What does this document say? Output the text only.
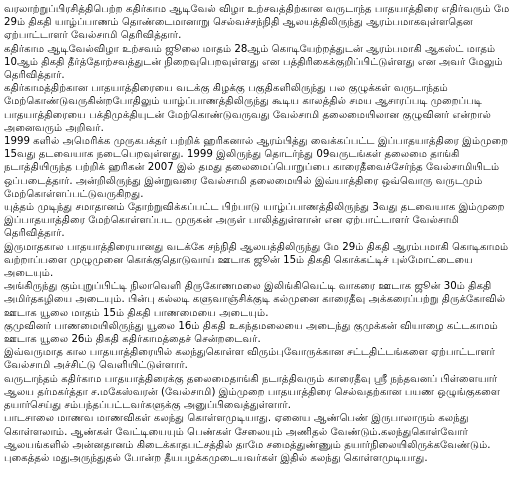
வரலாற்றுப்பிரசித்திபெற்ற கதிர்காம ஆடிவேல் விழா உற்சவத்திற்கான வருடாந்த பாதயாத்திரை எதிர்வரும் மே 29ம் திகதி யாழ்ப்பாணம் தொண்டைமானாறு செல்வச்சந்நிதி ஆலயத்திலிருந்து ஆரம்பமாகவுள்ளதென ஏற்பாட்டாளர் வேல்சாமி தெரிவித்தார்.

கதிர்காம ஆடிவேல்விழா உற்சவம் ஜூலை மாதம் 28ஆம் கொடியேற்றத்துடன் ஆரம்பமாகி ஆகஸ்ட் மாதம் 10ஆம் திகதி தீர்த்தோற்சவத்துடன் நிறைவுபெறவுள்ளது என பத்திரிகைக்குறிப்பிட்டுள்ளது என அவர் மேலும் தெரிவித்தார்.

கதிர்காமத்திற்கான பாதயாத்திரையை வடக்கு கிழக்கு பகுதிகளிலிருந்து பல குழுக்கள் வருடாந்தம் மேற்கொண்டுவருகின்றபோதிலும் யாழ்ப்பாணத்திலிருந்து கூடிய காலத்தில் சமய ஆசாரப்படி முறைப்படி பாதயாத்திரையை பக்திமுக்தியுடன் மேற்கொண்டுவருவது வேல்சாமி தலைமையிலான குழுவினர் என்றால் அனைவரும் அறிவர்.

1999 களில் அமெரிக்க முருகபக்தர் பற்றிக் ஹரிகனால் ஆரம்பித்து வைக்கப்பட்ட இப்பாதயாத்திரை இம்முறை 15வது தடவையாக நடைபெறவுள்ளது. 1999 இலிருந்து தொடர்ந்து 09வருடங்கள் தலைமை தாங்கி நடாத்தியிருந்த பற்றிக் ஹரிகன் 2007 இல் தமது தலைமைப்பொறுப்பை காரைதீவைச்சேர்ந்த வேல்சாமியிடம் ஒப்படைத்தார். அன்றிலிருந்து இன்றுவரை வேல்சாமி தலைமையில் இவ்யாத்திரை ஒவ்வொரு வருடமும் மேற்கொள்ளப்பட்டுவருகிறது.

யுத்தம் முடிந்து சமாதானம் தோற்றுவிக்கப்பட்ட பிற்பாடு யாழ்ப்பாணத்திலிருந்து 3வது தடவையாக இம்முறை இப்பாதயாத்திரை மேற்கொள்ளப்பட முருகன் அருள் பாலித்துள்ளான் என ஏற்பாட்டாளர் வேல்சாமி தெரிவித்தார்.

இருமாதகால பாதயாத்திரையானது வடக்கே சந்நிதி ஆலயத்திலிருந்து மே 29ம் திகதி ஆரம்பமாகி கொடிகாமம் வற்றாப்பளை முழுமுனை கொக்குதொடுவாய் ஊடாக ஜூன் 15ம் திகதி கொக்கட்டிச் புல்மோட்டையை அடையும்.

அங்கிருந்து கும்புறுப்பிட்டி நிலாவெளி திருகோணமலை இலிங்கிவெட்டி வாகரை ஊடாக ஜூன் 30ம் திகதி அமிர்தகழியை அடையும். பின்பு கல்லடி களுவாஞ்சிக்குடி கல்முனை காரைதீவு அக்கரைப்பற்று திருக்கோவில் ஊடாக யூலை மாதம் 15ம் திகதி பாணமையை அடையும்.

குமுவினர் பாணமையிலிருந்து யூலை 16ம் திகதி உகந்தமலையை அடைந்து குமுக்கன் வியாழை கட்டகாமம் ஊடாக யூலை 26ம் திகதி கதிர்காமத்தைச் சென்றடைவர்.

இவ்வருமாத கால பாதயாத்திரையில் கலந்துகொள்ள விரும்புவோருக்கான சட்டதிட்டங்களை ஏற்பாட்டாளர் வேல்சாமி அச்சிட்டு வெளியிட்டுள்ளார்.

வருடாந்தம் கதிர்காம பாதயாத்திரைக்கு தலைமைதாங்கி நடாத்திவரும் காரைதீவு ஸ்ரீ நந்தவனப் பிள்ளையார் ஆலய தர்மகர்த்தா ச.மகேஸ்வரன் (வேல்சாமி) இம்முறை பாதயாத்திரை செல்வதற்கான பயண ஒழுங்குகளை தயார்செய்து சம்பந்தப்பட்டவர்களுக்கு அனுப்பிவைத்துள்ளார்.

பாடசாலை மாணவ மாணவிகள் கலந்து கொள்ளமுடியாது. ஏனைய ஆண்பெண் இருபாலாரும் கலந்து கொள்ளலாம். ஆண்கள் வேட்டியையும் பெண்கள் சேலையும் அணிதல் வேண்டும்.கலந்துகொள்வோர் ஆலயங்களில் அன்னதானம் கிடைக்காதபட்சத்தில் தாமே சமைத்துண்ணும் தயார்நிலையிலிருக்கவேண்டும். புகைத்தல் மதுஅருந்துதல் போன்ற தீயபழக்கமுடையவர்கள் இதில் கலந்து கொள்ளமுடியாது.
